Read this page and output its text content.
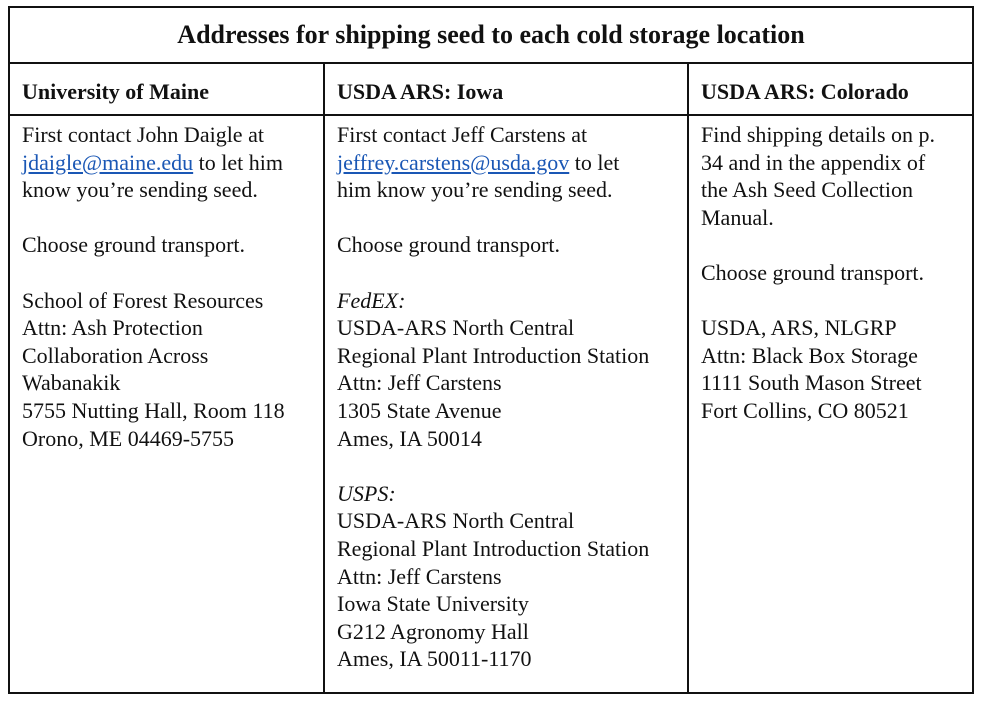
Addresses for shipping seed to each cold storage location
University of Maine	USDA ARS: Iowa	USDA ARS: Colorado
First contact John Daigle at
jdaigle@maine.edu to let him
know you’re sending seed.
Choose ground transport.
School of Forest Resources
Attn: Ash Protection
Collaboration Across
Wabanakik
5755 Nutting Hall, Room 118
Orono, ME 04469-5755
First contact Jeff Carstens at
jeffrey.carstens@usda.gov to let
him know you’re sending seed.
Choose ground transport.
FedEX:
USDA-ARS North Central
Regional Plant Introduction Station
Attn: Jeff Carstens
1305 State Avenue
Ames, IA 50014
USPS:
USDA-ARS North Central
Regional Plant Introduction Station
Attn: Jeff Carstens
Iowa State University
G212 Agronomy Hall
Ames, IA 50011-1170
Find shipping details on p.
34 and in the appendix of
the Ash Seed Collection
Manual.
Choose ground transport.
USDA, ARS, NLGRP
Attn: Black Box Storage
1111 South Mason Street
Fort Collins, CO 80521
